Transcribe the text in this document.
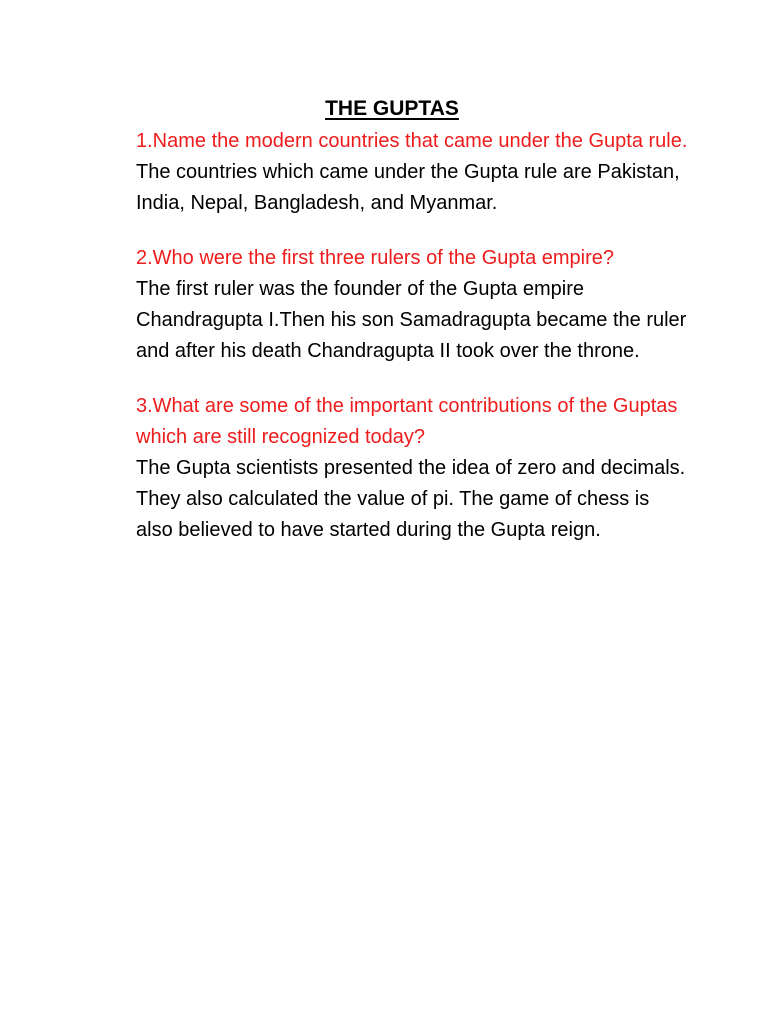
THE GUPTAS

1.Name the modern countries that came under the Gupta rule.

The countries which came under the Gupta rule are Pakistan, India, Nepal, Bangladesh, and Myanmar.

2.Who were the first three rulers of the Gupta empire?

The first ruler was the founder of the Gupta empire Chandragupta I.Then his son Samadragupta became the ruler and after his death Chandragupta II took over the throne.

3.What are some of the important contributions of the Guptas which are still recognized today?

The Gupta scientists presented the idea of zero and decimals. They also calculated the value of pi. The game of chess is also believed to have started during the Gupta reign.
